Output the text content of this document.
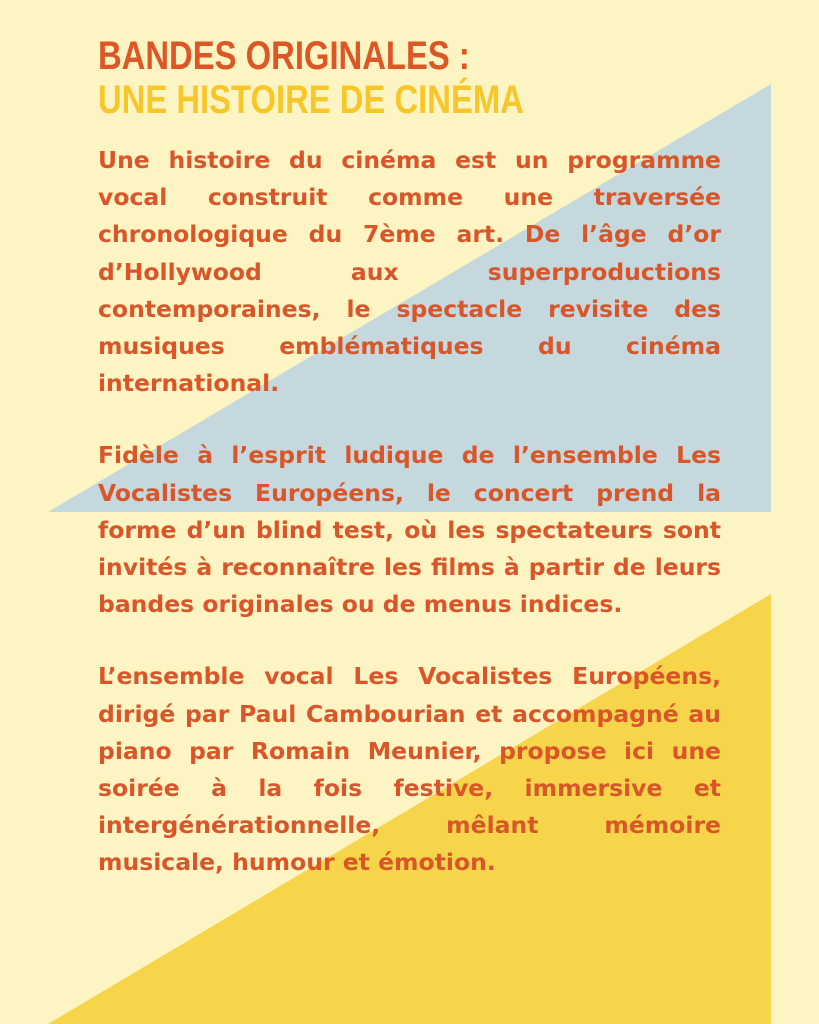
BANDES ORIGINALES :
UNE HISTOIRE DE CINÉMA

Une histoire du cinéma est un programme vocal construit comme une traversée chronologique du 7ème art. De l’âge d’or d’Hollywood aux superproductions contemporaines, le spectacle revisite des musiques emblématiques du cinéma international.

Fidèle à l’esprit ludique de l’ensemble Les Vocalistes Européens, le concert prend la forme d’un blind test, où les spectateurs sont invités à reconnaître les films à partir de leurs bandes originales ou de menus indices.

L’ensemble vocal Les Vocalistes Européens, dirigé par Paul Cambourian et accompagné au piano par Romain Meunier, propose ici une soirée à la fois festive, immersive et intergénérationnelle, mêlant mémoire musicale, humour et émotion.
